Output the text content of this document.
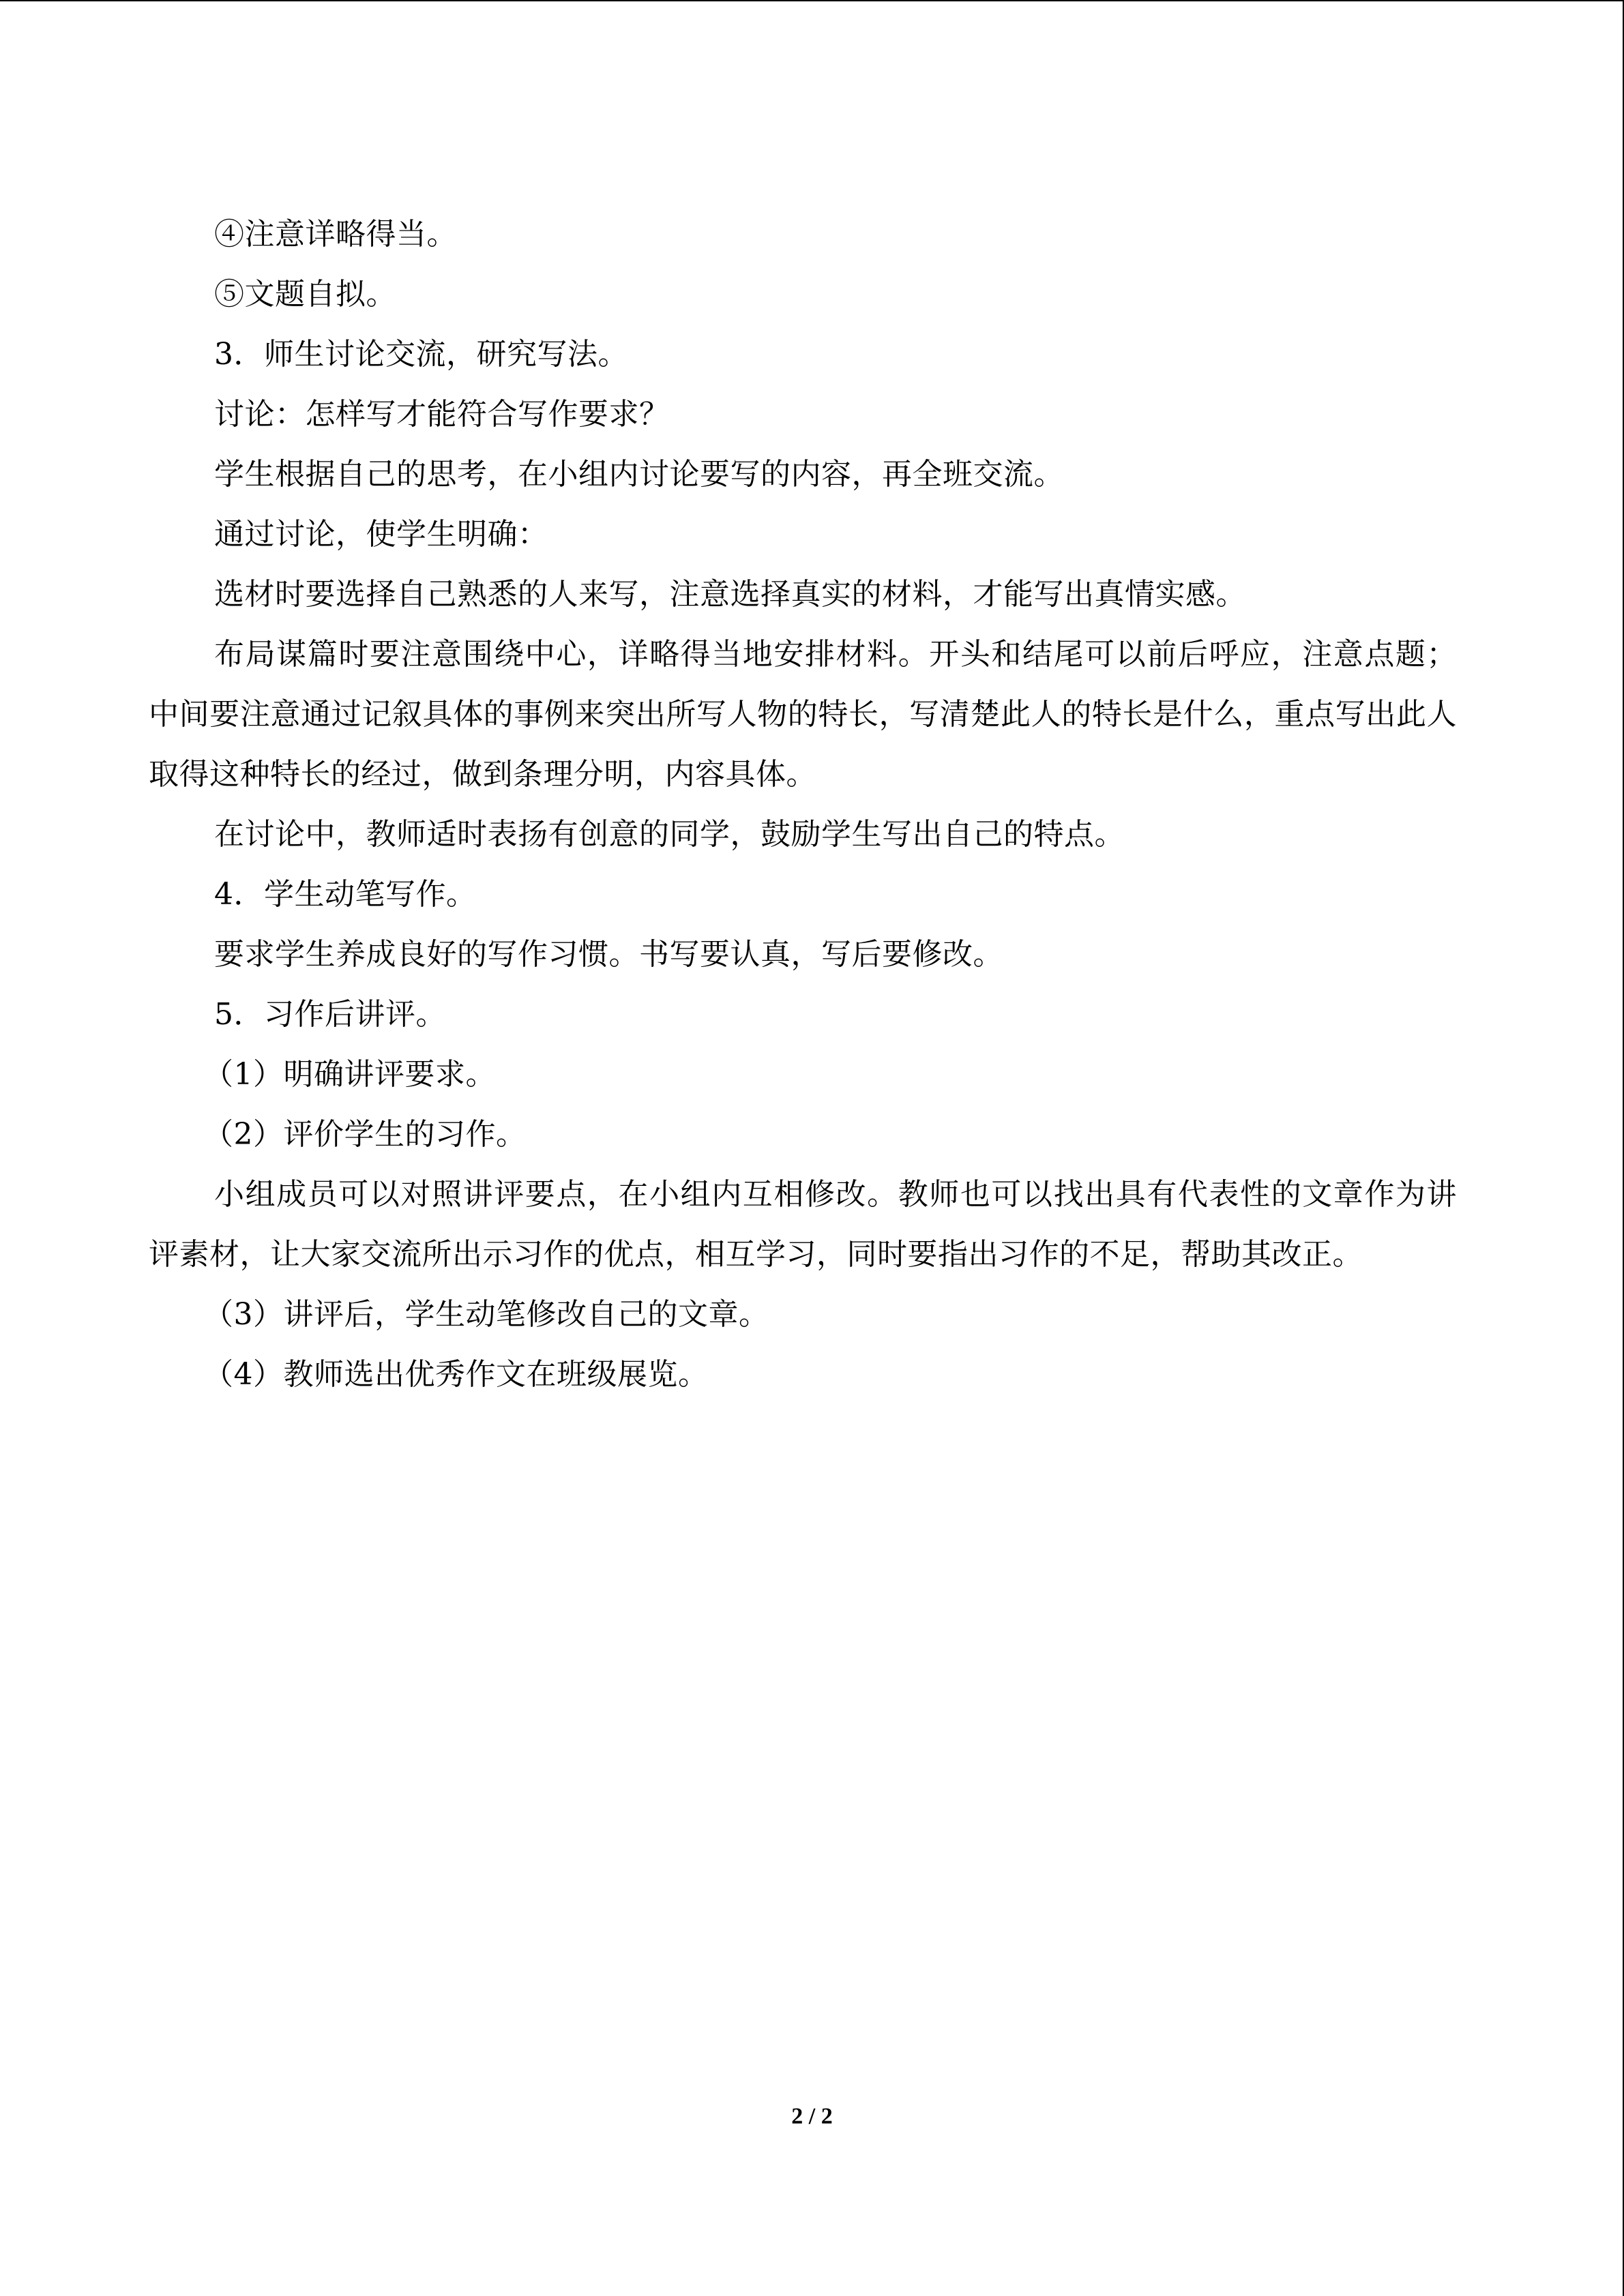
④注意详略得当。

⑤文题自拟。

3．师生讨论交流，研究写法。

讨论：怎样写才能符合写作要求？

学生根据自己的思考，在小组内讨论要写的内容，再全班交流。

通过讨论，使学生明确：

选材时要选择自己熟悉的人来写，注意选择真实的材料，才能写出真情实感。

布局谋篇时要注意围绕中心，详略得当地安排材料。开头和结尾可以前后呼应，注意点题；中间要注意通过记叙具体的事例来突出所写人物的特长，写清楚此人的特长是什么，重点写出此人取得这种特长的经过，做到条理分明，内容具体。

在讨论中，教师适时表扬有创意的同学，鼓励学生写出自己的特点。

4．学生动笔写作。

要求学生养成良好的写作习惯。书写要认真，写后要修改。

5．习作后讲评。

（1）明确讲评要求。

（2）评价学生的习作。

小组成员可以对照讲评要点，在小组内互相修改。教师也可以找出具有代表性的文章作为讲评素材，让大家交流所出示习作的优点，相互学习，同时要指出习作的不足，帮助其改正。

（3）讲评后，学生动笔修改自己的文章。

（4）教师选出优秀作文在班级展览。

2 / 2
